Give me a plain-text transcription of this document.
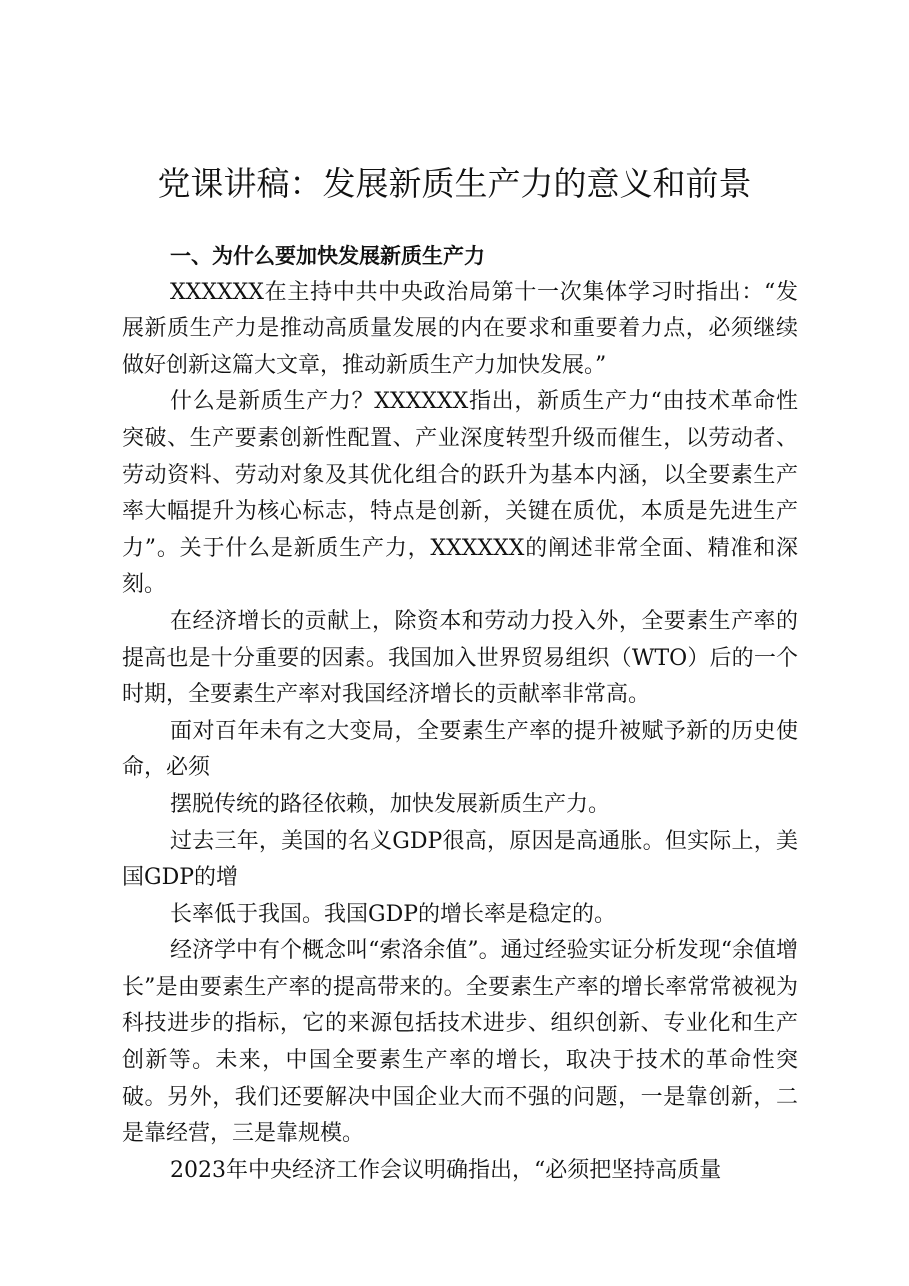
党课讲稿：发展新质生产力的意义和前景

一、为什么要加快发展新质生产力

XXXXXX在主持中共中央政治局第十一次集体学习时指出：“发展新质生产力是推动高质量发展的内在要求和重要着力点，必须继续做好创新这篇大文章，推动新质生产力加快发展。”

什么是新质生产力？XXXXXX指出，新质生产力“由技术革命性突破、生产要素创新性配置、产业深度转型升级而催生，以劳动者、劳动资料、劳动对象及其优化组合的跃升为基本内涵，以全要素生产率大幅提升为核心标志，特点是创新，关键在质优，本质是先进生产力”。关于什么是新质生产力，XXXXXX的阐述非常全面、精准和深刻。

在经济增长的贡献上，除资本和劳动力投入外，全要素生产率的提高也是十分重要的因素。我国加入世界贸易组织（WTO）后的一个时期，全要素生产率对我国经济增长的贡献率非常高。

面对百年未有之大变局，全要素生产率的提升被赋予新的历史使命，必须

摆脱传统的路径依赖，加快发展新质生产力。

过去三年，美国的名义GDP很高，原因是高通胀。但实际上，美国GDP的增

长率低于我国。我国GDP的增长率是稳定的。

经济学中有个概念叫“索洛余值”。通过经验实证分析发现“余值增长”是由要素生产率的提高带来的。全要素生产率的增长率常常被视为科技进步的指标，它的来源包括技术进步、组织创新、专业化和生产创新等。未来，中国全要素生产率的增长，取决于技术的革命性突破。另外，我们还要解决中国企业大而不强的问题，一是靠创新，二是靠经营，三是靠规模。

2023年中央经济工作会议明确指出，“必须把坚持高质量
